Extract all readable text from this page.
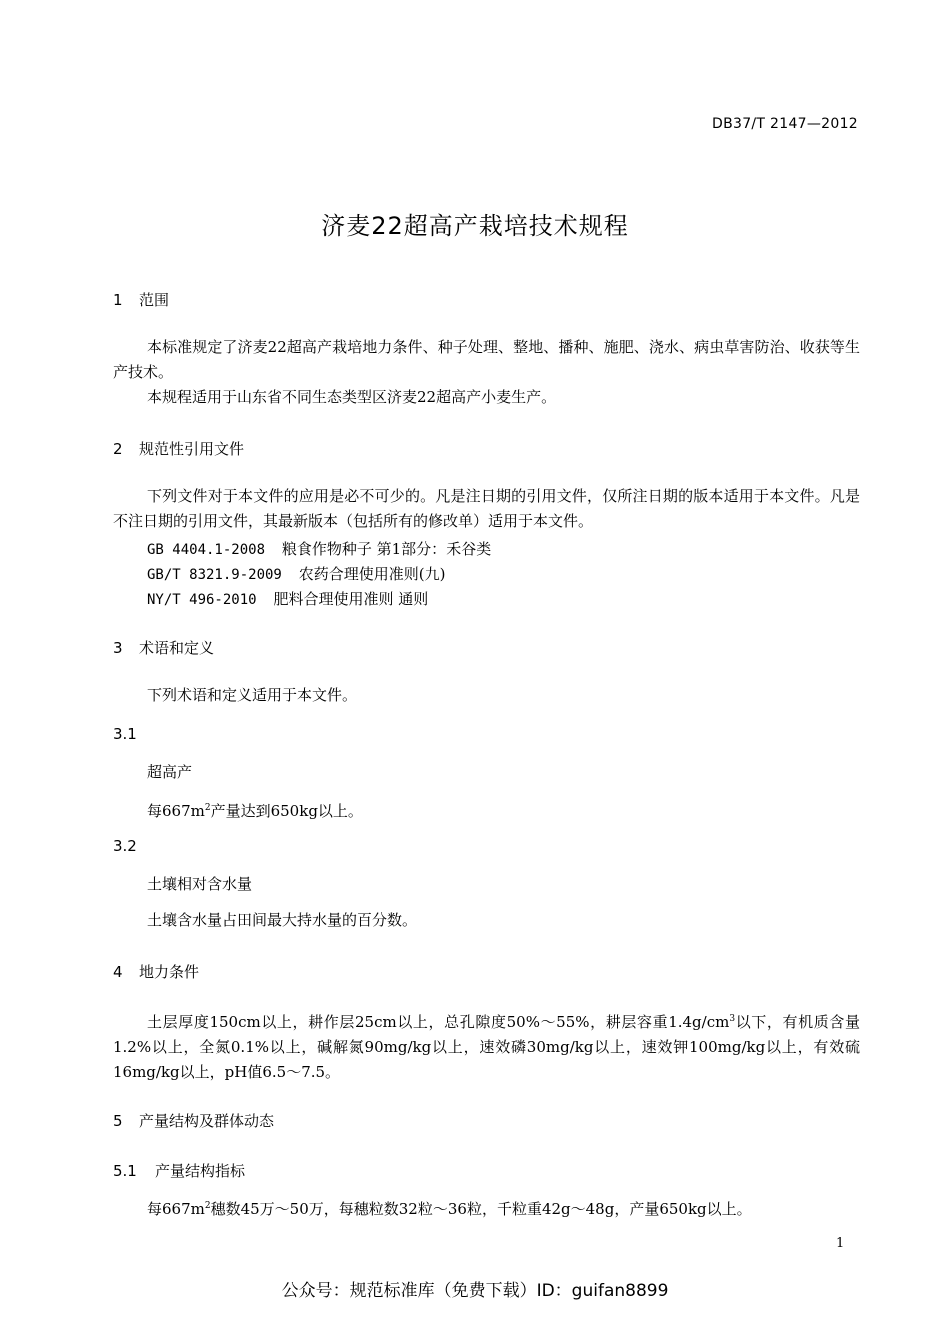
DB37/T 2147—2012
济麦22超高产栽培技术规程
1 范围
本标准规定了济麦22超高产栽培地力条件、种子处理、整地、播种、施肥、浇水、病虫草害防治、收获等生产技术。
本规程适用于山东省不同生态类型区济麦22超高产小麦生产。
2 规范性引用文件
下列文件对于本文件的应用是必不可少的。凡是注日期的引用文件，仅所注日期的版本适用于本文件。凡是不注日期的引用文件，其最新版本（包括所有的修改单）适用于本文件。
GB 4404.1-2008 粮食作物种子 第1部分：禾谷类
GB/T 8321.9-2009 农药合理使用准则(九)
NY/T 496-2010 肥料合理使用准则 通则
3 术语和定义
下列术语和定义适用于本文件。
3.1
超高产
每$667m^2$产量达到650kg以上。
3.2
土壤相对含水量
土壤含水量占田间最大持水量的百分数。
4 地力条件
土层厚度150cm以上，耕作层25cm以上，总孔隙度50%～55%，耕层容重$1.4g/cm^3$以下，有机质含量1.2%以上，全氮0.1%以上，碱解氮90mg/kg以上，速效磷30mg/kg以上，速效钾100mg/kg以上，有效硫16mg/kg以上，pH值6.5～7.5。
5 产量结构及群体动态
5.1 产量结构指标
每$667m^2$穗数45万～50万，每穗粒数32粒～36粒，千粒重42g～48g，产量650kg以上。
1
公众号：规范标准库（免费下载）ID：guifan8899
